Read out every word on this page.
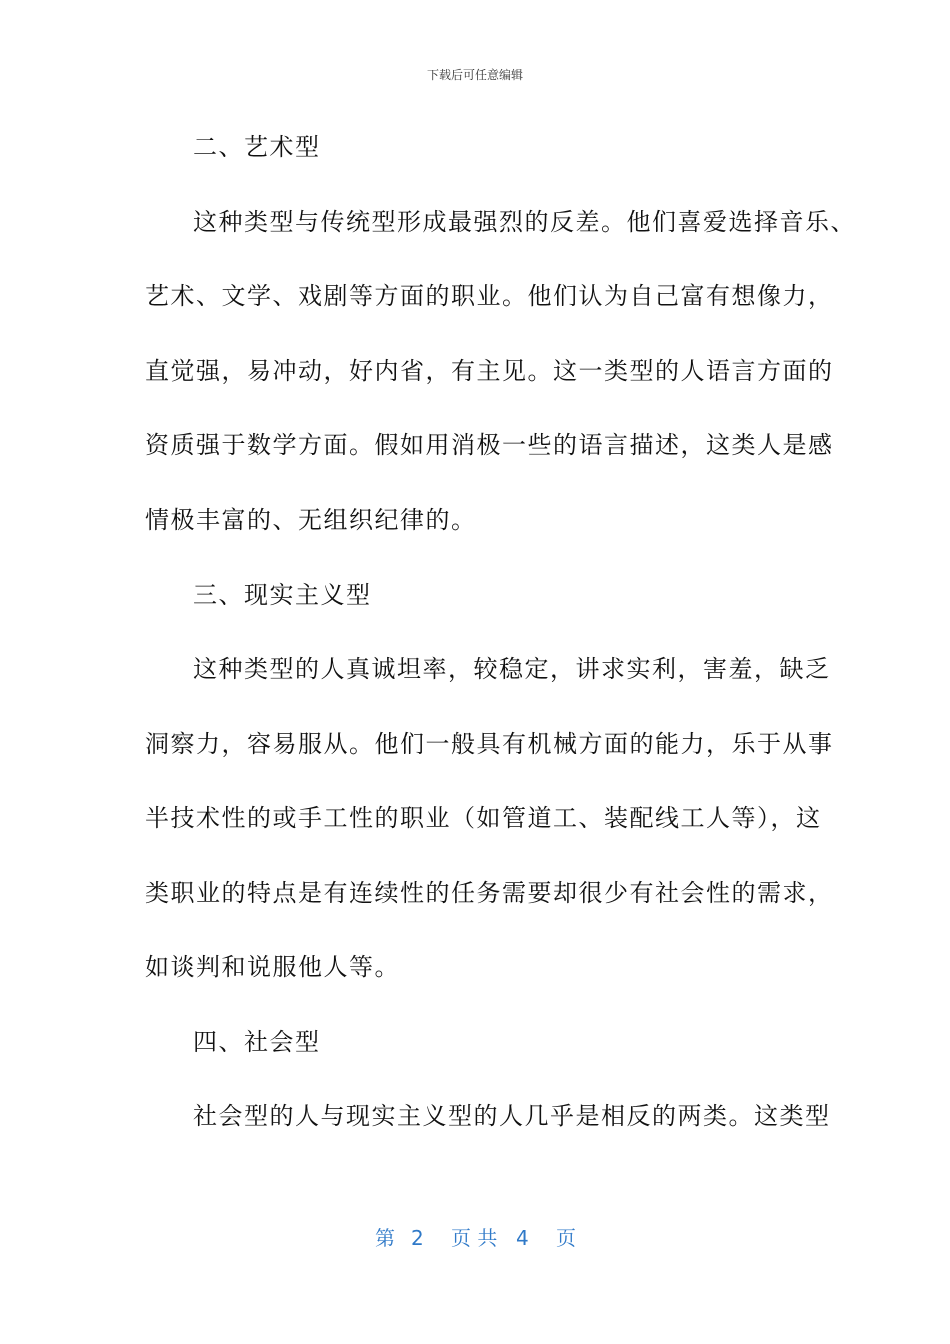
下载后可任意编辑
二、艺术型
这种类型与传统型形成最强烈的反差。他们喜爱选择音乐、
艺术、文学、戏剧等方面的职业。他们认为自己富有想像力，
直觉强，易冲动，好内省，有主见。这一类型的人语言方面的
资质强于数学方面。假如用消极一些的语言描述，这类人是感
情极丰富的、无组织纪律的。
三、现实主义型
这种类型的人真诚坦率，较稳定，讲求实利，害羞，缺乏
洞察力，容易服从。他们一般具有机械方面的能力，乐于从事
半技术性的或手工性的职业（如管道工、装配线工人等），这
类职业的特点是有连续性的任务需要却很少有社会性的需求，
如谈判和说服他人等。
四、社会型
社会型的人与现实主义型的人几乎是相反的两类。这类型
第 2 页 共 4 页
